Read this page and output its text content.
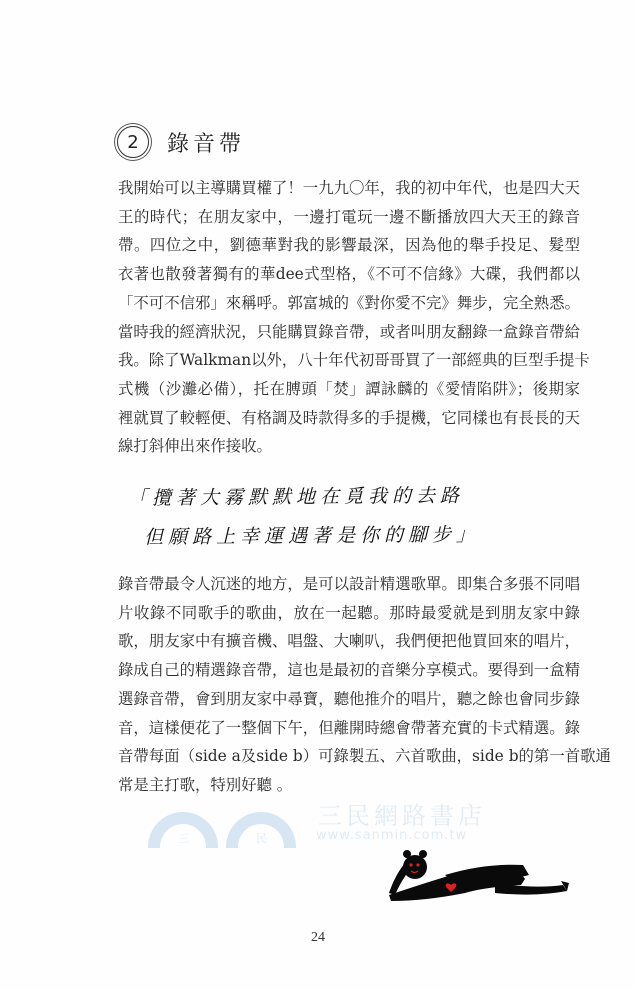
2 錄音帶
我開始可以主導購買權了！一九九〇年，我的初中年代，也是四大天
王的時代；在朋友家中，一邊打電玩一邊不斷播放四大天王的錄音
帶。四位之中，劉德華對我的影響最深，因為他的舉手投足、髮型
衣著也散發著獨有的華dee式型格，《不可不信緣》大碟，我們都以
「不可不信邪」來稱呼。郭富城的《對你愛不完》舞步，完全熟悉。
當時我的經濟狀況，只能購買錄音帶，或者叫朋友翻錄一盒錄音帶給
我。除了Walkman以外，八十年代初哥哥買了一部經典的巨型手提卡
式機（沙灘必備），托在膊頭「焚」譚詠麟的《愛情陷阱》；後期家
裡就買了較輕便、有格調及時款得多的手提機，它同樣也有長長的天
線打斜伸出來作接收。
「攬著大霧默默地在覓我的去路
但願路上幸運遇著是你的腳步」
錄音帶最令人沉迷的地方，是可以設計精選歌單。即集合多張不同唱
片收錄不同歌手的歌曲，放在一起聽。那時最愛就是到朋友家中錄
歌，朋友家中有擴音機、唱盤、大喇叭，我們便把他買回來的唱片，
錄成自己的精選錄音帶，這也是最初的音樂分享模式。要得到一盒精
選錄音帶，會到朋友家中尋寶，聽他推介的唱片，聽之餘也會同步錄
音，這樣便花了一整個下午，但離開時總會帶著充實的卡式精選。錄
音帶每面（side a及side b）可錄製五、六首歌曲，side b的第一首歌通
常是主打歌，特別好聽 。
三	民
三民網路書店
www.sanmin.com.tw
24
